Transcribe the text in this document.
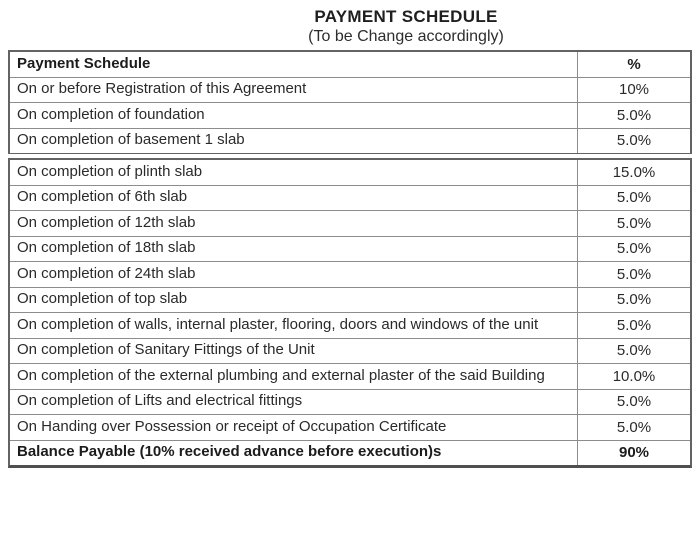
PAYMENT SCHEDULE
(To be Change accordingly)
Payment Schedule	%
On or before Registration of this Agreement	10%
On completion of foundation	5.0%
On completion of basement 1 slab	5.0%
On completion of plinth slab	15.0%
On completion of 6th slab	5.0%
On completion of 12th slab	5.0%
On completion of 18th slab	5.0%
On completion of 24th slab	5.0%
On completion of top slab	5.0%
On completion of walls, internal plaster, flooring, doors and windows of the unit	5.0%
On completion of Sanitary Fittings of the Unit	5.0%
On completion of the external plumbing and external plaster of the said Building	10.0%
On completion of Lifts and electrical fittings	5.0%
On Handing over Possession or receipt of Occupation Certificate	5.0%
Balance Payable (10% received advance before execution)s	90%
